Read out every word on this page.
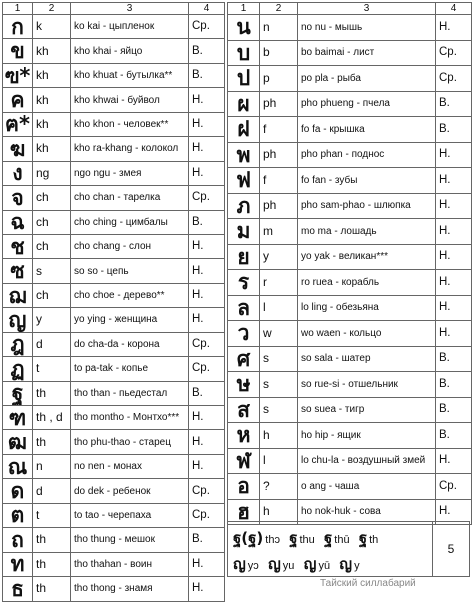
1	2	3	4
ก	k	ko kai - цыпленок	Ср.
ข	kh	kho khai - яйцо	В.
ฃ*	kh	kho khuat - бутылка**	В.
ค	kh	kho khwai - буйвол	Н.
ฅ*	kh	kho khon - человек**	Н.
ฆ	kh	kho ra-khang - колокол	Н.
ง	ng	ngo ngu - змея	Н.
จ	ch	cho chan - тарелка	Ср.
ฉ	ch	cho ching - цимбалы	В.
ช	ch	cho chang - слон	Н.
ซ	s	so so - цепь	Н.
ฌ	ch	cho choe - дерево**	Н.
ญ	y	yo ying - женщина	Н.
ฎ	d	do cha-da - корона	Ср.
ฏ	t	to pa-tak - копье	Ср.
ฐ	th	tho than - пьедестал	В.
ฑ	th , d	tho montho - Монтхо***	Н.
ฒ	th	tho phu-thao - старец	Н.
ณ	n	no nen - монах	Н.
ด	d	do dek - ребенок	Ср.
ต	t	to tao - черепаха	Ср.
ถ	th	tho thung - мешок	В.
ท	th	tho thahan - воин	Н.
ธ	th	tho thong - знамя	Н.
1	2	3	4
น	n	no nu - мышь	Н.
บ	b	bo baimai - лист	Ср.
ป	p	po pla - рыба	Ср.
ผ	ph	pho phueng - пчела	В.
ฝ	f	fo fa - крышка	В.
พ	ph	pho phan - поднос	Н.
ฟ	f	fo fan - зубы	Н.
ภ	ph	pho sam-phao - шлюпка	Н.
ม	m	mo ma - лошадь	Н.
ย	y	yo yak - великан***	Н.
ร	r	ro ruea - корабль	Н.
ล	l	lo ling - обезьяна	Н.
ว	w	wo waen - кольцо	Н.
ศ	s	so sala - шатер	В.
ษ	s	so rue-si - отшельник	В.
ส	s	so suea - тигр	В.
ห	h	ho hip - ящик	В.
ฬ	l	lo chu-la - воздушный змей	Н.
อ	?	o ang - чаша	Ср.
ฮ	h	ho nok-huk - сова	Н.
ฐ(ฐ) thɔ ฐ thu ฐ thū ฐ th
ญ yɔ ญ yu ญ yū ญ y
5
Тайский силлабарий
